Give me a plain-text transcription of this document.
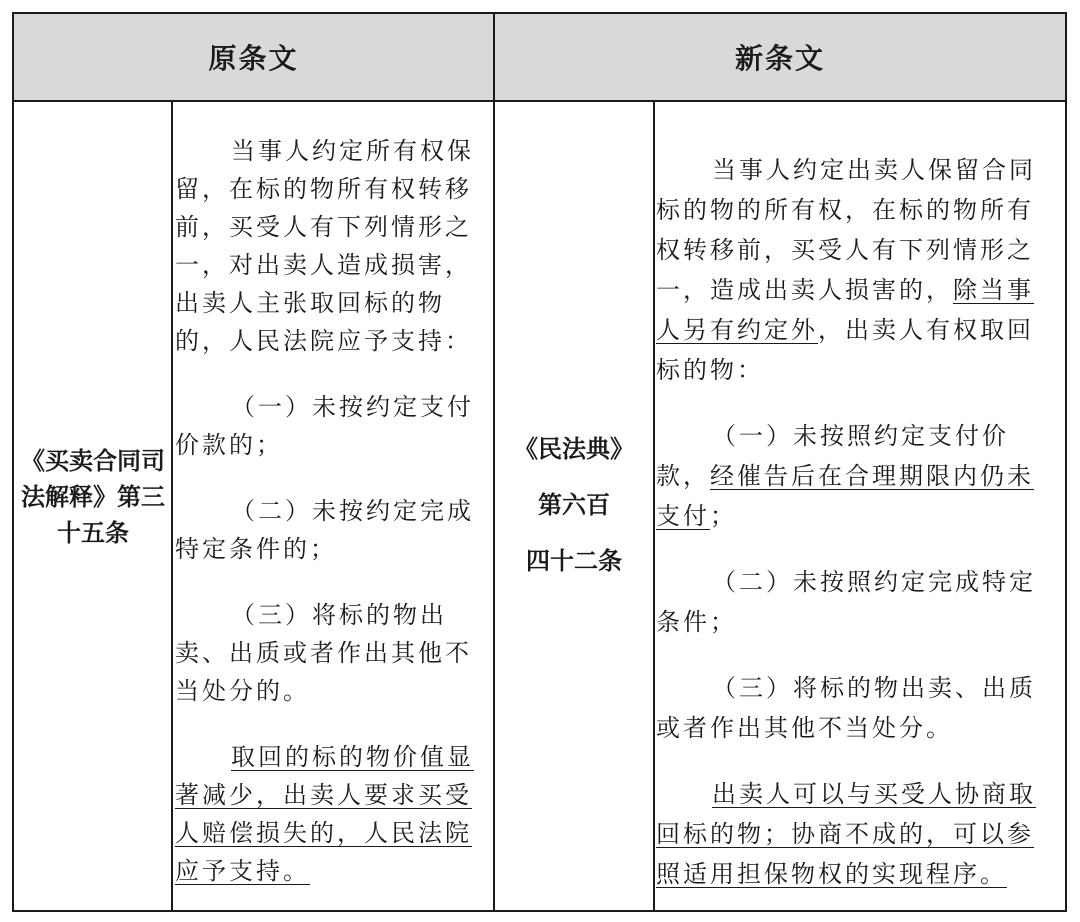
原条文	新条文
《买卖合同司法解释》第三十五条

当事人约定所有权保留，在标的物所有权转移前，买受人有下列情形之一，对出卖人造成损害，出卖人主张取回标的物的，人民法院应予支持：

（一）未按约定支付价款的；

（二）未按约定完成特定条件的；

（三）将标的物出卖、出质或者作出其他不当处分的。

取回的标的物价值显著减少，出卖人要求买受人赔偿损失的，人民法院应予支持。

《民法典》
第六百
四十二条

当事人约定出卖人保留合同标的物的所有权，在标的物所有权转移前，买受人有下列情形之一，造成出卖人损害的，除当事人另有约定外，出卖人有权取回标的物：

（一）未按照约定支付价款，经催告后在合理期限内仍未支付；

（二）未按照约定完成特定条件；

（三）将标的物出卖、出质或者作出其他不当处分。

出卖人可以与买受人协商取回标的物；协商不成的，可以参照适用担保物权的实现程序。
